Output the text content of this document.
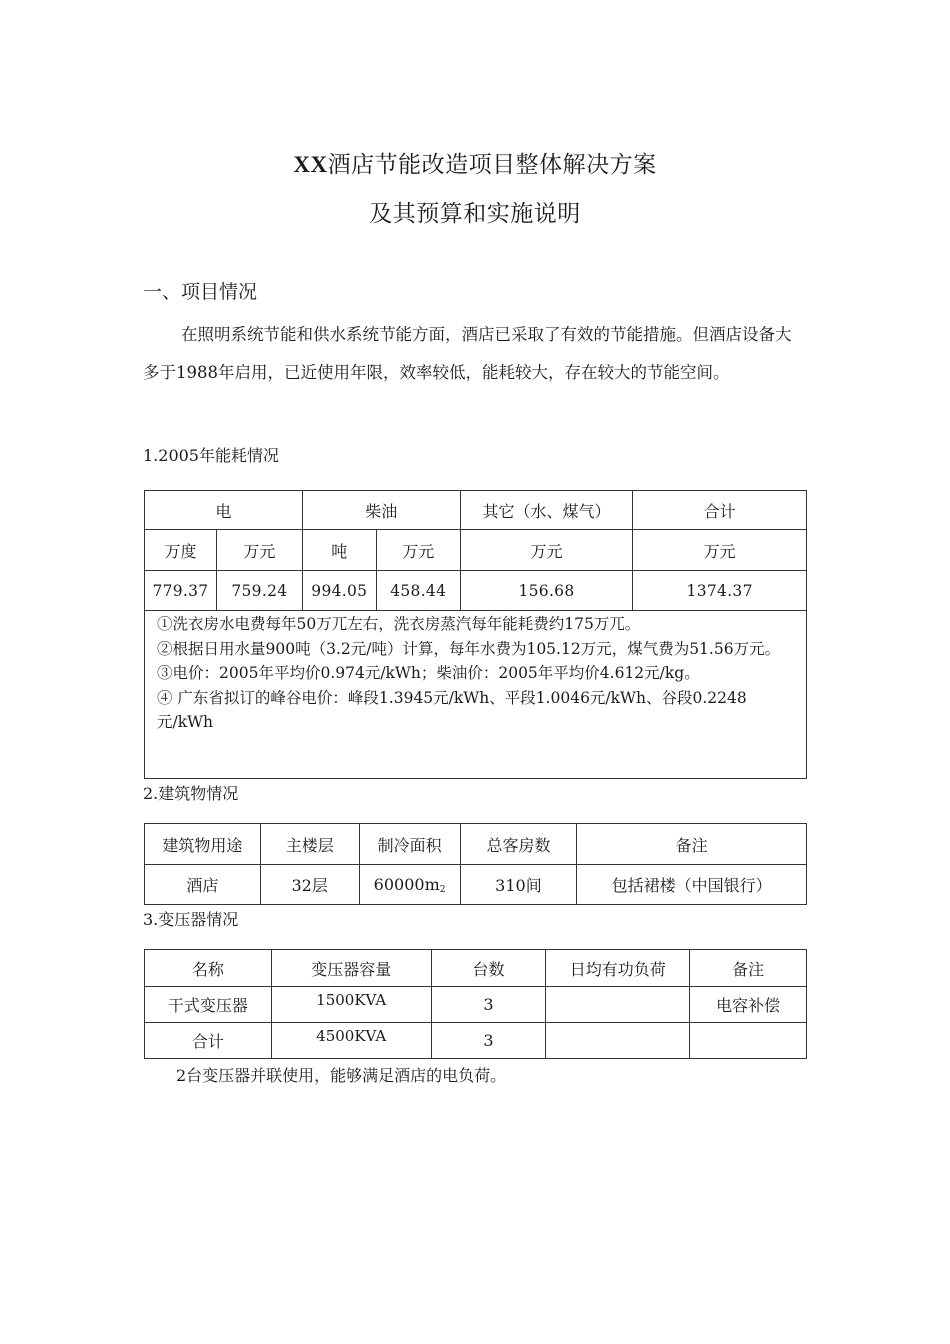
XX酒店节能改造项目整体解决方案
及其预算和实施说明
一、项目情况
在照明系统节能和供水系统节能方面，酒店已采取了有效的节能措施。但酒店设备大多于1988年启用，已近使用年限，效率较低，能耗较大，存在较大的节能空间。
1.2005年能耗情况
电		柴油		其它（水、煤气）	合计
万度	万元	吨	万元	万元	万元
779.37	759.24	994.05	458.44	156.68	1374.37

①洗衣房水电费每年50万兀左右，洗衣房蒸汽每年能耗费约175万兀。
②根据日用水量900吨（3.2元/吨）计算，每年水费为105.12万元，煤气费为51.56万元。
③电价：2005年平均价0.974元/kWh；柴油价：2005年平均价4.612元/kg。
④ 广东省拟订的峰谷电价：峰段1.3945元/kWh、平段1.0046元/kWh、谷段0.2248元/kWh					
2.建筑物情况
建筑物用途	主楼层	制冷面积	总客房数	备注
酒店	32层	$60000m_2$	310间	包括裙楼（中国银行）
3.变压器情况
名称	变压器容量	台数	日均有功负荷	备注
干式变压器	1500KVA	3		电容补偿
合计	4500KVA	3		
2台变压器并联使用，能够满足酒店的电负荷。
